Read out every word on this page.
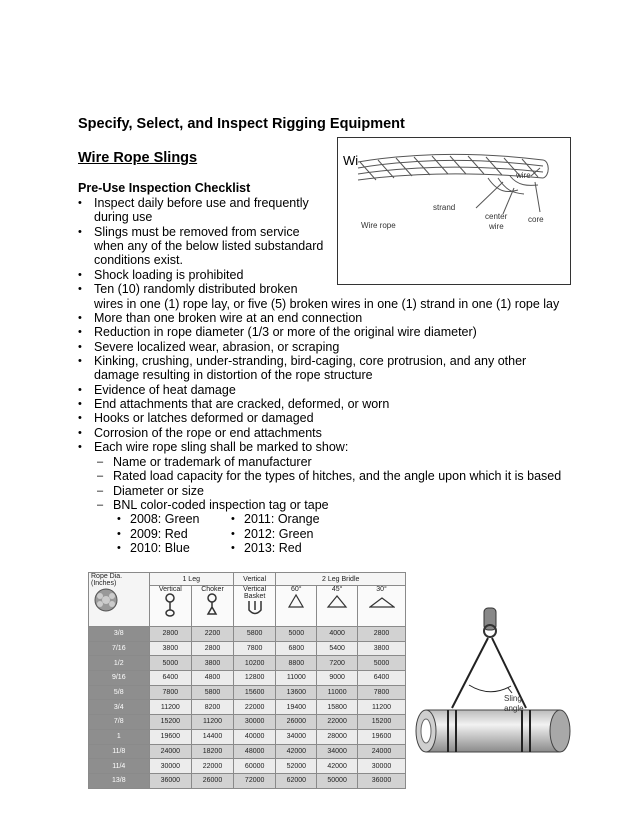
Specify, Select, and Inspect Rigging Equipment
Wire Rope Slings
Pre-Use Inspection Checklist
• Inspect daily before use and frequently
during use
• Slings must be removed from service
when any of the below listed substandard
conditions exist.
• Shock loading is prohibited
• Ten (10) randomly distributed broken
wires in one (1) rope lay, or five (5) broken wires in one (1) strand in one (1) rope lay
• More than one broken wire at an end connection
• Reduction in rope diameter (1/3 or more of the original wire diameter)
• Severe localized wear, abrasion, or scraping
• Kinking, crushing, under-stranding, bird-caging, core protrusion, and any other
damage resulting in distortion of the rope structure
• Evidence of heat damage
• End attachments that are cracked, deformed, or worn
• Hooks or latches deformed or damaged
• Corrosion of the rope or end attachments
• Each wire rope sling shall be marked to show:
– Name or trademark of manufacturer
– Rated load capacity for the types of hitches, and the angle upon which it is based
– Diameter or size
– BNL color-coded inspection tag or tape
• 2008: Green
• 2009: Red
• 2010: Blue
• 2011: Orange
• 2012: Green
• 2013: Red
Wi
wire
strand
center
wire
core
Wire rope
Rope Dia.
(Inches)	1 Leg		Vertical	2 Leg Bridle		

	Vertical	Choker	Vertical
Basket	60°	45°	30°

3/8	2800	2200	5800	5000	4000	2800
7/16	3800	2800	7800	6800	5400	3800
1/2	5000	3800	10200	8800	7200	5000
9/16	6400	4800	12800	11000	9000	6400
5/8	7800	5800	15600	13600	11000	7800
3/4	11200	8200	22000	19400	15800	11200
7/8	15200	11200	30000	26000	22000	15200
1	19600	14400	40000	34000	28000	19600
11/8	24000	18200	48000	42000	34000	24000
11/4	30000	22000	60000	52000	42000	30000
13/8	36000	26000	72000	62000	50000	36000
Sling
angle
